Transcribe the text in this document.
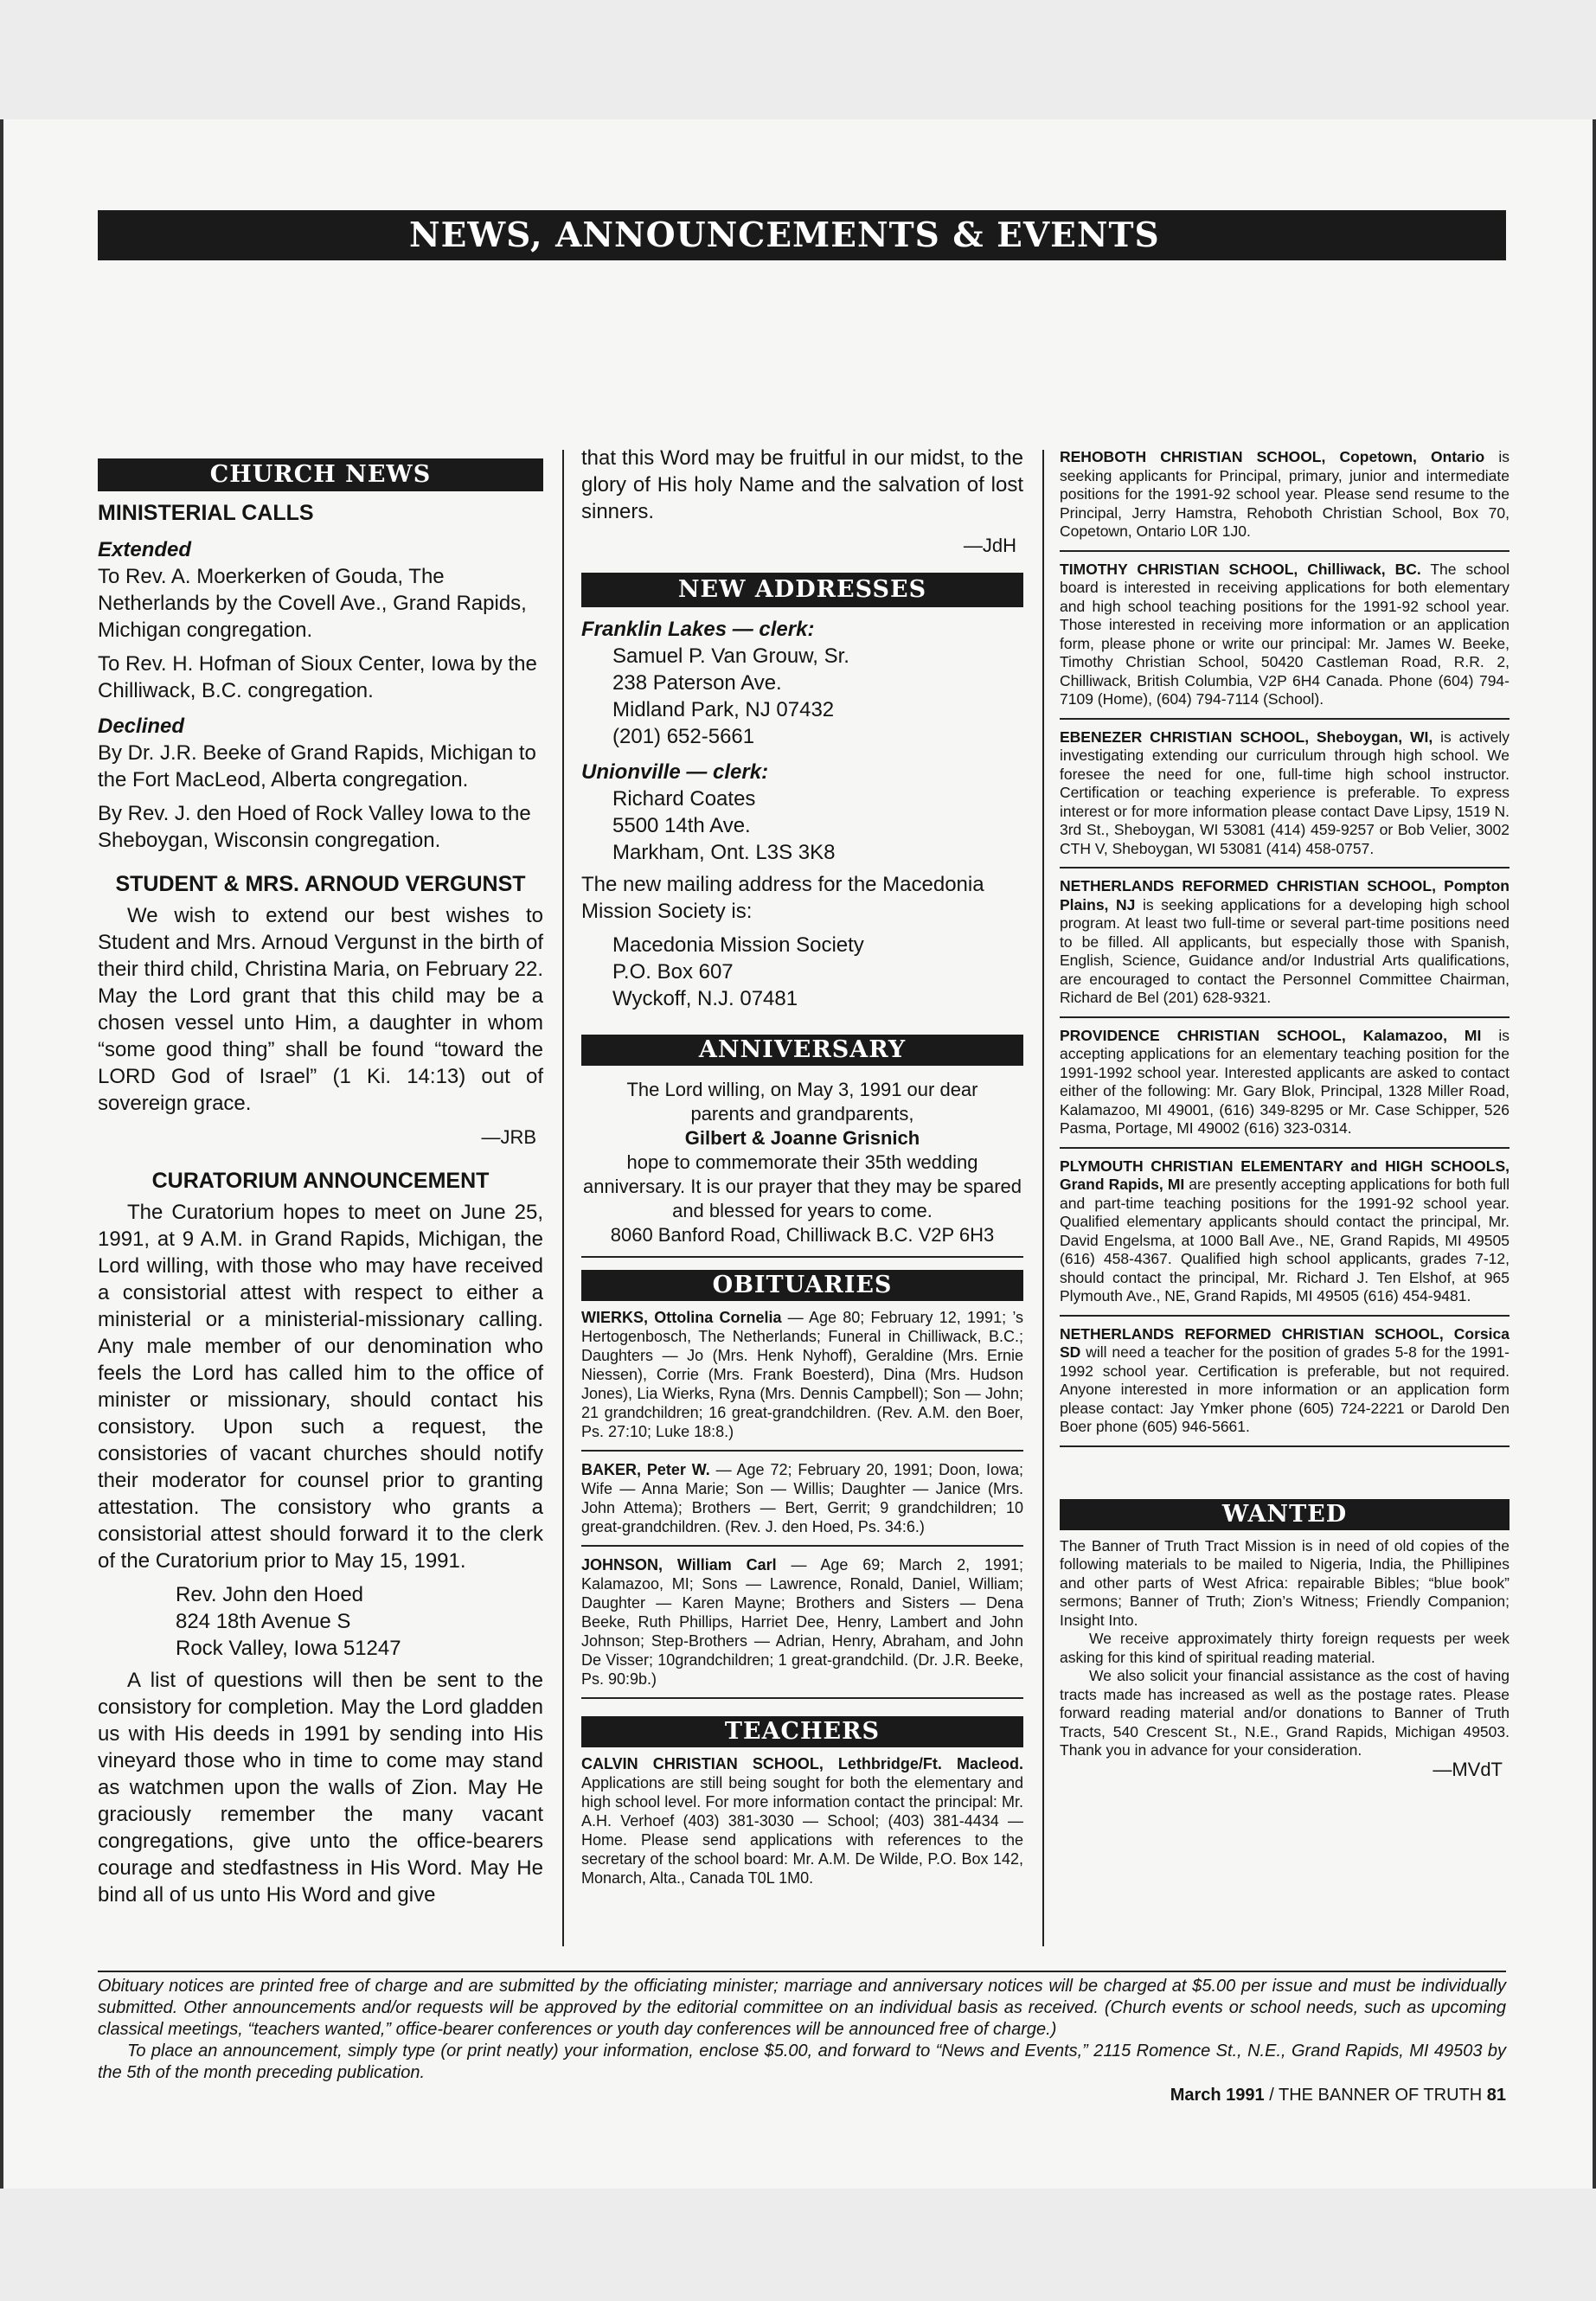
NEWS, ANNOUNCEMENTS & EVENTS
CHURCH NEWS
MINISTERIAL CALLS
Extended

To Rev. A. Moerkerken of Gouda, The Netherlands by the Covell Ave., Grand Rapids, Michigan congregation.

To Rev. H. Hofman of Sioux Center, Iowa by the Chilliwack, B.C. congregation.

Declined

By Dr. J.R. Beeke of Grand Rapids, Michigan to the Fort MacLeod, Alberta congregation.

By Rev. J. den Hoed of Rock Valley Iowa to the Sheboygan, Wisconsin congregation.

STUDENT & MRS. ARNOUD VERGUNST

We wish to extend our best wishes to Student and Mrs. Arnoud Vergunst in the birth of their third child, Christina Maria, on February 22. May the Lord grant that this child may be a chosen vessel unto Him, a daughter in whom “some good thing” shall be found “toward the LORD God of Israel” (1 Ki. 14:13) out of sovereign grace.

—JRB
CURATORIUM ANNOUNCEMENT

The Curatorium hopes to meet on June 25, 1991, at 9 A.M. in Grand Rapids, Michigan, the Lord willing, with those who may have received a consistorial attest with respect to either a ministerial or a ministerial-missionary calling. Any male member of our denomination who feels the Lord has called him to the office of minister or missionary, should contact his consistory. Upon such a request, the consistories of vacant churches should notify their moderator for counsel prior to granting attestation. The consistory who grants a consistorial attest should forward it to the clerk of the Curatorium prior to May 15, 1991.

Rev. John den Hoed
824 18th Avenue S
Rock Valley, Iowa 51247

A list of questions will then be sent to the consistory for completion. May the Lord gladden us with His deeds in 1991 by sending into His vineyard those who in time to come may stand as watchmen upon the walls of Zion. May He graciously remember the many vacant congregations, give unto the office-bearers courage and stedfastness in His Word. May He bind all of us unto His Word and give

that this Word may be fruitful in our midst, to the glory of His holy Name and the salvation of lost sinners.

—JdH
NEW ADDRESSES
Franklin Lakes — clerk:
Samuel P. Van Grouw, Sr.
238 Paterson Ave.
Midland Park, NJ 07432
(201) 652-5661
Unionville — clerk:
Richard Coates
5500 14th Ave.
Markham, Ont. L3S 3K8

The new mailing address for the Macedonia Mission Society is:

Macedonia Mission Society
P.O. Box 607
Wyckoff, N.J. 07481
ANNIVERSARY
The Lord willing, on May 3, 1991 our dear
parents and grandparents,
Gilbert & Joanne Grisnich
hope to commemorate their 35th wedding anniversary. It is our prayer that they may be spared and blessed for years to come.
8060 Banford Road, Chilliwack B.C. V2P 6H3
OBITUARIES
WIERKS, Ottolina Cornelia — Age 80; February 12, 1991; ’s Hertogenbosch, The Netherlands; Funeral in Chilliwack, B.C.; Daughters — Jo (Mrs. Henk Nyhoff), Geraldine (Mrs. Ernie Niessen), Corrie (Mrs. Frank Boesterd), Dina (Mrs. Hudson Jones), Lia Wierks, Ryna (Mrs. Dennis Campbell); Son — John; 21 grandchildren; 16 great-grandchildren. (Rev. A.M. den Boer, Ps. 27:10; Luke 18:8.)
BAKER, Peter W. — Age 72; February 20, 1991; Doon, Iowa; Wife — Anna Marie; Son — Willis; Daughter — Janice (Mrs. John Attema); Brothers — Bert, Gerrit; 9 grandchildren; 10 great-grandchildren. (Rev. J. den Hoed, Ps. 34:6.)
JOHNSON, William Carl — Age 69; March 2, 1991; Kalamazoo, MI; Sons — Lawrence, Ronald, Daniel, William; Daughter — Karen Mayne; Brothers and Sisters — Dena Beeke, Ruth Phillips, Harriet Dee, Henry, Lambert and John Johnson; Step-Brothers — Adrian, Henry, Abraham, and John De Visser; 10grandchildren; 1 great-grandchild. (Dr. J.R. Beeke, Ps. 90:9b.)
TEACHERS
CALVIN CHRISTIAN SCHOOL, Lethbridge/Ft. Macleod. Applications are still being sought for both the elementary and high school level. For more information contact the principal: Mr. A.H. Verhoef (403) 381-3030 — School; (403) 381-4434 — Home. Please send applications with references to the secretary of the school board: Mr. A.M. De Wilde, P.O. Box 142, Monarch, Alta., Canada T0L 1M0.
REHOBOTH CHRISTIAN SCHOOL, Copetown, Ontario is seeking applicants for Principal, primary, junior and intermediate positions for the 1991-92 school year. Please send resume to the Principal, Jerry Hamstra, Rehoboth Christian School, Box 70, Copetown, Ontario L0R 1J0.
TIMOTHY CHRISTIAN SCHOOL, Chilliwack, BC. The school board is interested in receiving applications for both elementary and high school teaching positions for the 1991-92 school year. Those interested in receiving more information or an application form, please phone or write our principal: Mr. James W. Beeke, Timothy Christian School, 50420 Castleman Road, R.R. 2, Chilliwack, British Columbia, V2P 6H4 Canada. Phone (604) 794-7109 (Home), (604) 794-7114 (School).
EBENEZER CHRISTIAN SCHOOL, Sheboygan, WI, is actively investigating extending our curriculum through high school. We foresee the need for one, full-time high school instructor. Certification or teaching experience is preferable. To express interest or for more information please contact Dave Lipsy, 1519 N. 3rd St., Sheboygan, WI 53081 (414) 459-9257 or Bob Velier, 3002 CTH V, Sheboygan, WI 53081 (414) 458-0757.
NETHERLANDS REFORMED CHRISTIAN SCHOOL, Pompton Plains, NJ is seeking applications for a developing high school program. At least two full-time or several part-time positions need to be filled. All applicants, but especially those with Spanish, English, Science, Guidance and/or Industrial Arts qualifications, are encouraged to contact the Personnel Committee Chairman, Richard de Bel (201) 628-9321.
PROVIDENCE CHRISTIAN SCHOOL, Kalamazoo, MI is accepting applications for an elementary teaching position for the 1991-1992 school year. Interested applicants are asked to contact either of the following: Mr. Gary Blok, Principal, 1328 Miller Road, Kalamazoo, MI 49001, (616) 349-8295 or Mr. Case Schipper, 526 Pasma, Portage, MI 49002 (616) 323-0314.
PLYMOUTH CHRISTIAN ELEMENTARY and HIGH SCHOOLS, Grand Rapids, MI are presently accepting applications for both full and part-time teaching positions for the 1991-92 school year. Qualified elementary applicants should contact the principal, Mr. David Engelsma, at 1000 Ball Ave., NE, Grand Rapids, MI 49505 (616) 458-4367. Qualified high school applicants, grades 7-12, should contact the principal, Mr. Richard J. Ten Elshof, at 965 Plymouth Ave., NE, Grand Rapids, MI 49505 (616) 454-9481.
NETHERLANDS REFORMED CHRISTIAN SCHOOL, Corsica SD will need a teacher for the position of grades 5-8 for the 1991-1992 school year. Certification is preferable, but not required. Anyone interested in more information or an application form please contact: Jay Ymker phone (605) 724-2221 or Darold Den Boer phone (605) 946-5661.
WANTED

The Banner of Truth Tract Mission is in need of old copies of the following materials to be mailed to Nigeria, India, the Phillipines and other parts of West Africa: repairable Bibles; “blue book” sermons; Banner of Truth; Zion’s Witness; Friendly Companion; Insight Into.

We receive approximately thirty foreign requests per week asking for this kind of spiritual reading material.

We also solicit your financial assistance as the cost of having tracts made has increased as well as the postage rates. Please forward reading material and/or donations to Banner of Truth Tracts, 540 Crescent St., N.E., Grand Rapids, Michigan 49503. Thank you in advance for your consideration.

—MVdT

Obituary notices are printed free of charge and are submitted by the officiating minister; marriage and anniversary notices will be charged at $5.00 per issue and must be individually submitted. Other announcements and/or requests will be approved by the editorial committee on an individual basis as received. (Church events or school needs, such as upcoming classical meetings, “teachers wanted,” office-bearer conferences or youth day conferences will be announced free of charge.)

To place an announcement, simply type (or print neatly) your information, enclose $5.00, and forward to “News and Events,” 2115 Romence St., N.E., Grand Rapids, MI 49503 by the 5th of the month preceding publication.

March 1991 / THE BANNER OF TRUTH 81
